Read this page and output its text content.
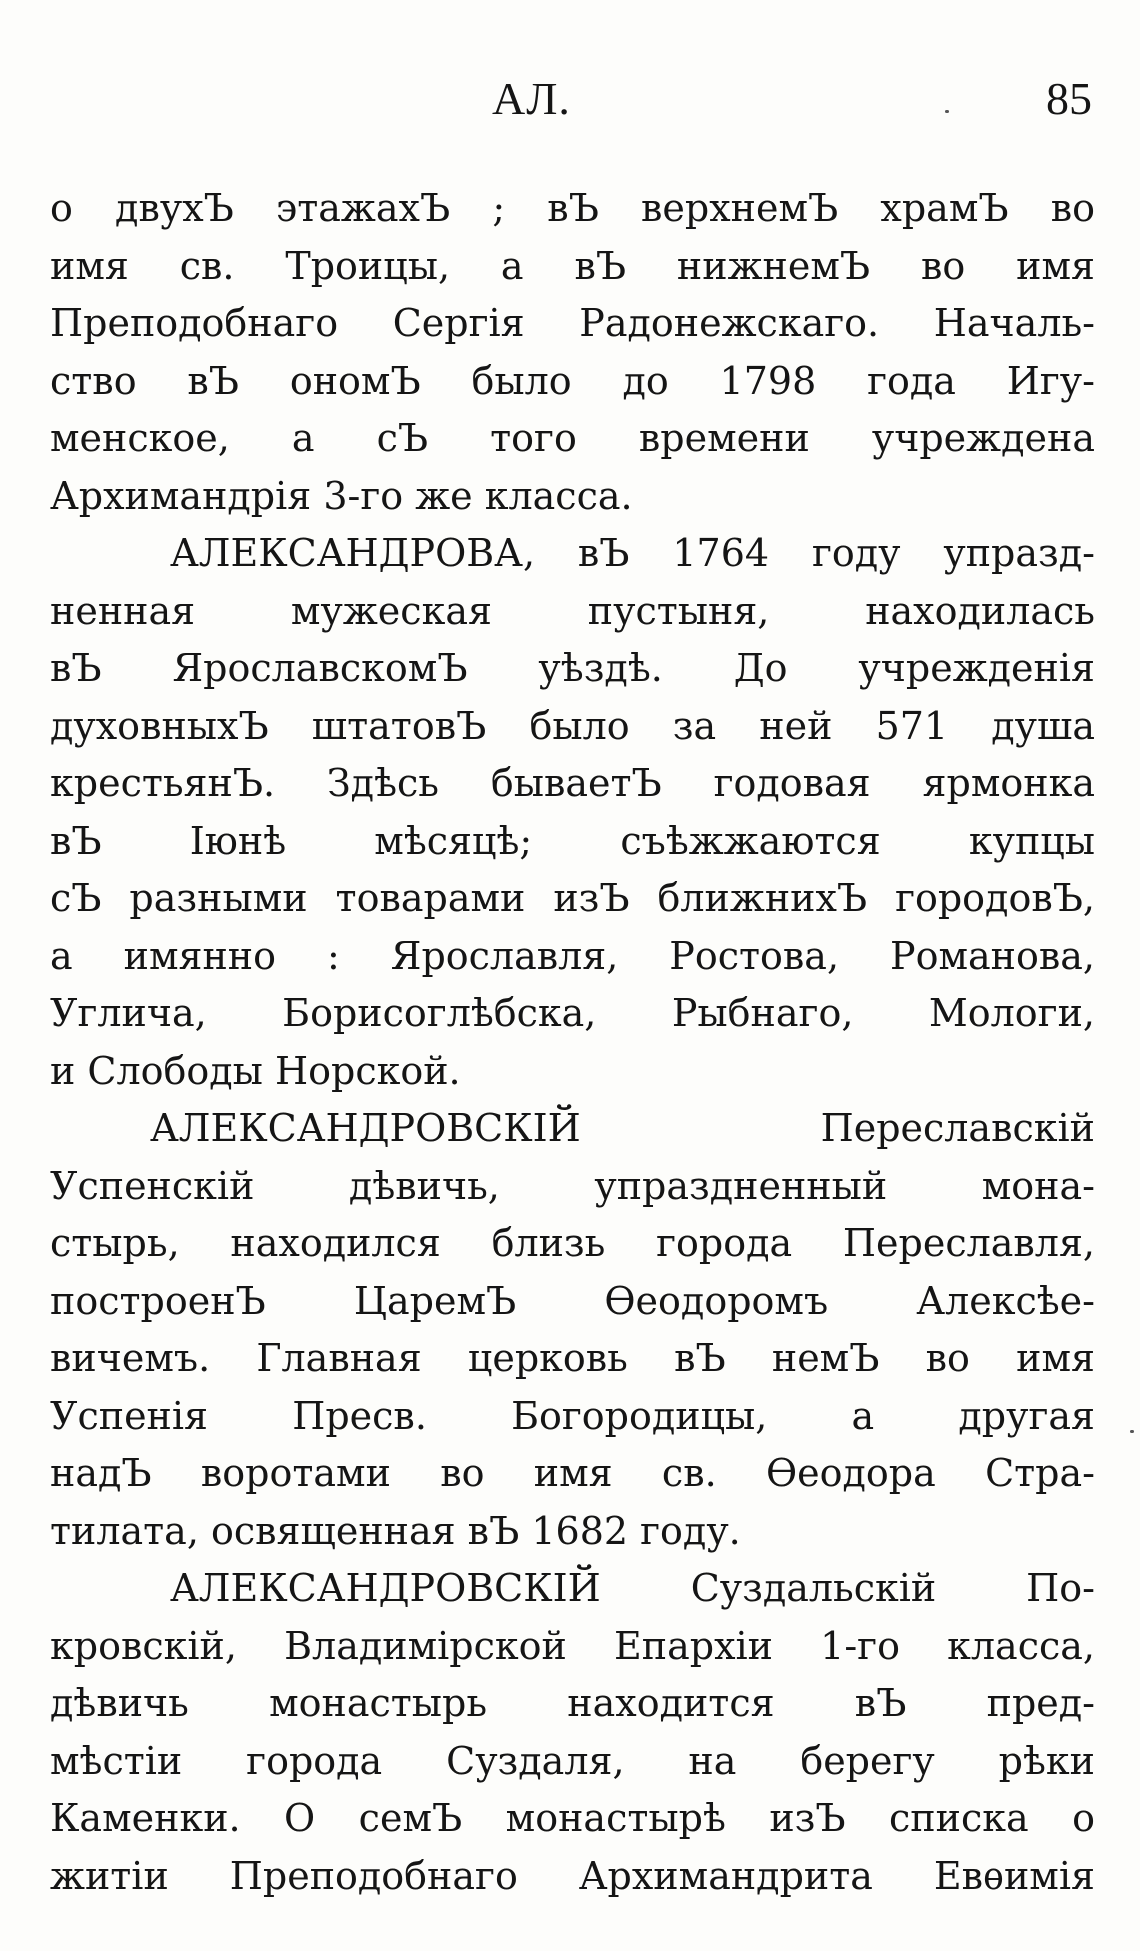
АЛ.	85
о двухЪ этажахЪ ; вЪ верхнемЪ храмЪ во
имя св. Троицы, а вЪ нижнемЪ во имя
Преподобнаго Сергія Радонежскаго. Началь-
ство вЪ ономЪ было до 1798 года Игу-
менское, а сЪ того времени учреждена
Архимандрія 3-го же класса.
АЛЕКСАНДРОВА, вЪ 1764 году упразд-
ненная мужеская пустыня, находилась
вЪ ЯрославскомЪ уѣздѣ. До учрежденія
духовныхЪ штатовЪ было за ней 571 душа
крестьянЪ. Здѣсь бываетЪ годовая ярмонка
вЪ Іюнѣ мѣсяцѣ; съѣжжаются купцы
сЪ разными товарами изЪ ближнихЪ городовЪ,
а имянно : Ярославля, Ростова, Романова,
Углича, Борисоглѣбска, Рыбнаго, Мологи,
и Слободы Норской.
АЛЕКСАНДРОВСКІЙ Переславскій
Успенскій дѣвичь, упраздненный мона-
стырь, находился близь города Переславля,
построенЪ ЦаремЪ Ѳеодоромъ Алексѣе-
вичемъ. Главная церковь вЪ немЪ во имя
Успенія Пресв. Богородицы, а другая
надЪ воротами во имя св. Ѳеодора Стра-
тилата, освященная вЪ 1682 году.
АЛЕКСАНДРОВСКІЙ Суздальскій По-
кровскій, Владимірской Епархіи 1-го класса,
дѣвичь монастырь находится вЪ пред-
мѣстіи города Суздаля, на берегу рѣки
Каменки. О семЪ монастырѣ изЪ списка о
житіи Преподобнаго Архимандрита Евѳимія
